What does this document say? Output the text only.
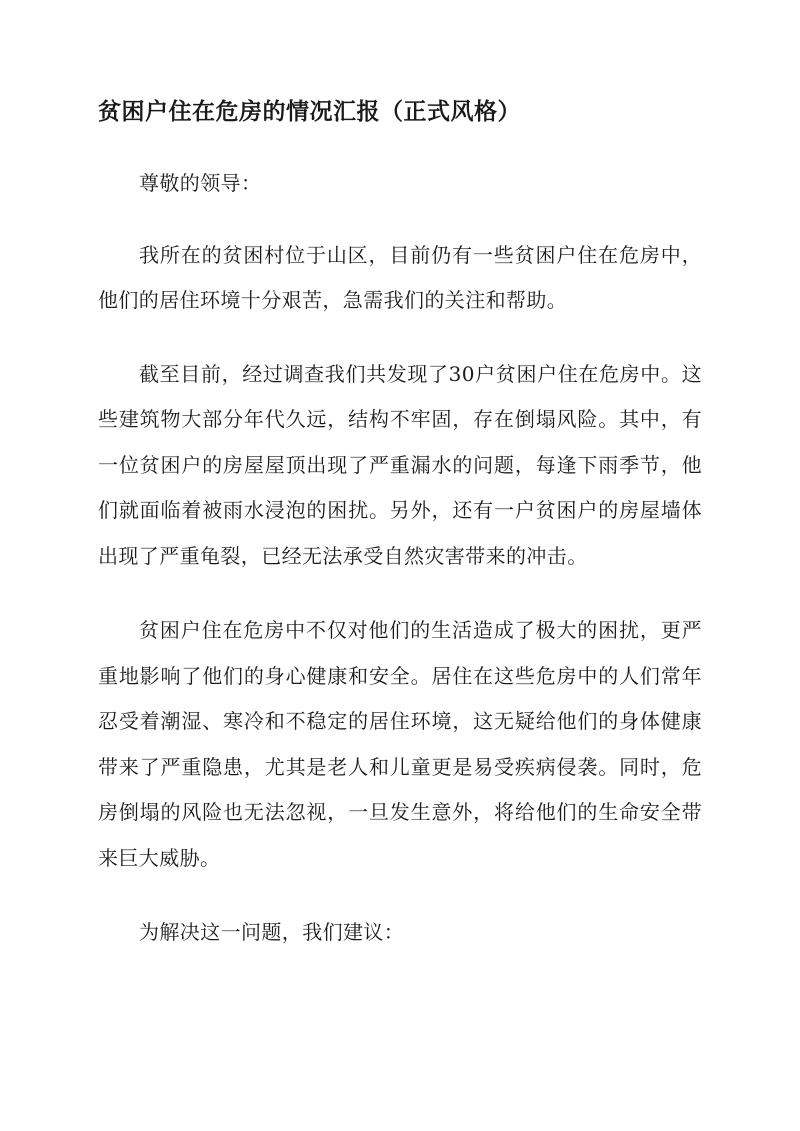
贫困户住在危房的情况汇报（正式风格）

尊敬的领导：

我所在的贫困村位于山区，目前仍有一些贫困户住在危房中，他们的居住环境十分艰苦，急需我们的关注和帮助。

截至目前，经过调查我们共发现了30户贫困户住在危房中。这些建筑物大部分年代久远，结构不牢固，存在倒塌风险。其中，有一位贫困户的房屋屋顶出现了严重漏水的问题，每逢下雨季节，他们就面临着被雨水浸泡的困扰。另外，还有一户贫困户的房屋墙体出现了严重龟裂，已经无法承受自然灾害带来的冲击。

贫困户住在危房中不仅对他们的生活造成了极大的困扰，更严重地影响了他们的身心健康和安全。居住在这些危房中的人们常年忍受着潮湿、寒冷和不稳定的居住环境，这无疑给他们的身体健康带来了严重隐患，尤其是老人和儿童更是易受疾病侵袭。同时，危房倒塌的风险也无法忽视，一旦发生意外，将给他们的生命安全带来巨大威胁。

为解决这一问题，我们建议：
